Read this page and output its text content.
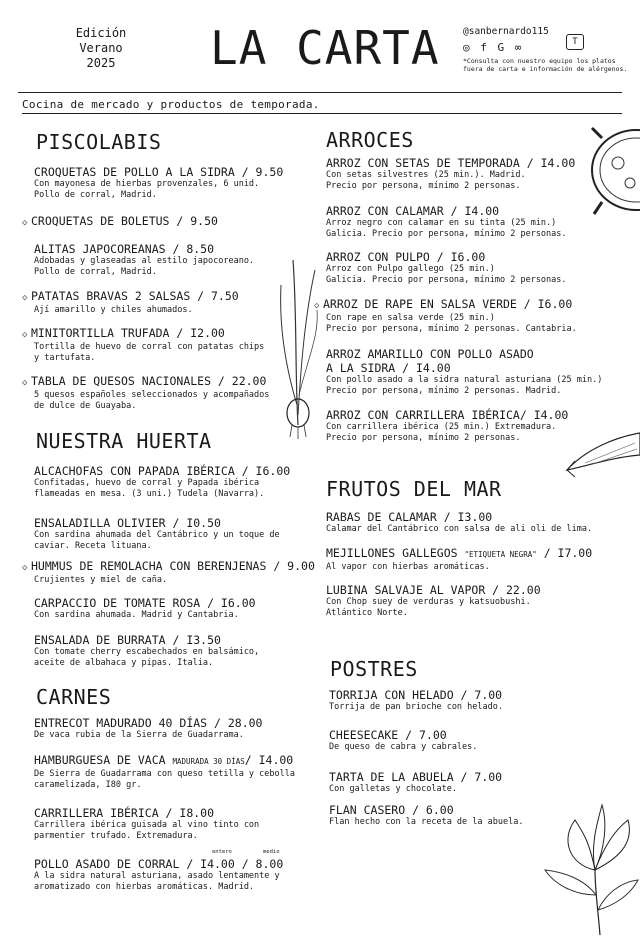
Edición
Verano
2025	LA CARTA @sanbernardo115
◎ f G ∞
*Consulta con nuestro equipo los platos
fuera de carta e información de alérgenos.
T
Cocina de mercado y productos de temporada.
PISCOLABIS
CROQUETAS DE POLLO A LA SIDRA / 9.50
Con mayonesa de hierbas provenzales, 6 unid.
Pollo de corral, Madrid.
◇ CROQUETAS DE BOLETUS / 9.50
ALITAS JAPOCOREANAS / 8.50
Adobadas y glaseadas al estilo japocoreano.
Pollo de corral, Madrid.
◇ PATATAS BRAVAS 2 SALSAS / 7.50
Ají amarillo y chiles ahumados.
◇ MINITORTILLA TRUFADA / I2.00
Tortilla de huevo de corral con patatas chips
y tartufata.
◇ TABLA DE QUESOS NACIONALES / 22.00
5 quesos españoles seleccionados y acompañados
de dulce de Guayaba.
NUESTRA HUERTA
ALCACHOFAS CON PAPADA IBÉRICA / I6.00
Confitadas, huevo de corral y Papada ibérica
flameadas en mesa. (3 uni.) Tudela (Navarra).
ENSALADILLA OLIVIER / I0.50
Con sardina ahumada del Cantábrico y un toque de
caviar. Receta lituana.
◇ HUMMUS DE REMOLACHA CON BERENJENAS / 9.00
Crujientes y miel de caña.
CARPACCIO DE TOMATE ROSA / I6.00
Con sardina ahumada. Madrid y Cantabria.
ENSALADA DE BURRATA / I3.50
Con tomate cherry escabechados en balsámico,
aceite de albahaca y pipas. Italia.
CARNES
ENTRECOT MADURADO 40 DÍAS / 28.00
De vaca rubia de la Sierra de Guadarrama.
HAMBURGUESA DE VACA MADURADA 30 DÍAS/ I4.00
De Sierra de Guadarrama con queso tetilla y cebolla
caramelizada, I80 gr.
CARRILLERA IBÉRICA / I8.00
Carrillera ibérica guisada al vino tinto con
parmentier trufado. Extremadura.
entero	medio
POLLO ASADO DE CORRAL / I4.00 / 8.00
A la sidra natural asturiana, asado lentamente y
aromatizado con hierbas aromáticas. Madrid.
ARROCES
ARROZ CON SETAS DE TEMPORADA / I4.00
Con setas silvestres (25 min.). Madrid.
Precio por persona, mínimo 2 personas.
ARROZ CON CALAMAR / I4.00
Arroz negro con calamar en su tinta (25 min.)
Galicia. Precio por persona, mínimo 2 personas.
ARROZ CON PULPO / I6.00
Arroz con Pulpo gallego (25 min.)
Galicia. Precio por persona, mínimo 2 personas.
◇ ARROZ DE RAPE EN SALSA VERDE / I6.00
Con rape en salsa verde (25 min.)
Precio por persona, mínimo 2 personas. Cantabria.
ARROZ AMARILLO CON POLLO ASADO
A LA SIDRA / I4.00
Con pollo asado a la sidra natural asturiana (25 min.)
Precio por persona, mínimo 2 personas. Madrid.
ARROZ CON CARRILLERA IBÉRICA/ I4.00
Con carrillera ibérica (25 min.) Extremadura.
Precio por persona, mínimo 2 personas.
FRUTOS DEL MAR
RABAS DE CALAMAR / I3.00
Calamar del Cantábrico con salsa de ali oli de lima.
MEJILLONES GALLEGOS "ETIQUETA NEGRA" / I7.00
Al vapor con hierbas aromáticas.
LUBINA SALVAJE AL VAPOR / 22.00
Con Chop suey de verduras y katsuobushi.
Atlántico Norte.
POSTRES
TORRIJA CON HELADO / 7.00
Torrija de pan brioche con helado.
CHEESECAKE / 7.00
De queso de cabra y cabrales.
TARTA DE LA ABUELA / 7.00
Con galletas y chocolate.
FLAN CASERO / 6.00
Flan hecho con la receta de la abuela.
